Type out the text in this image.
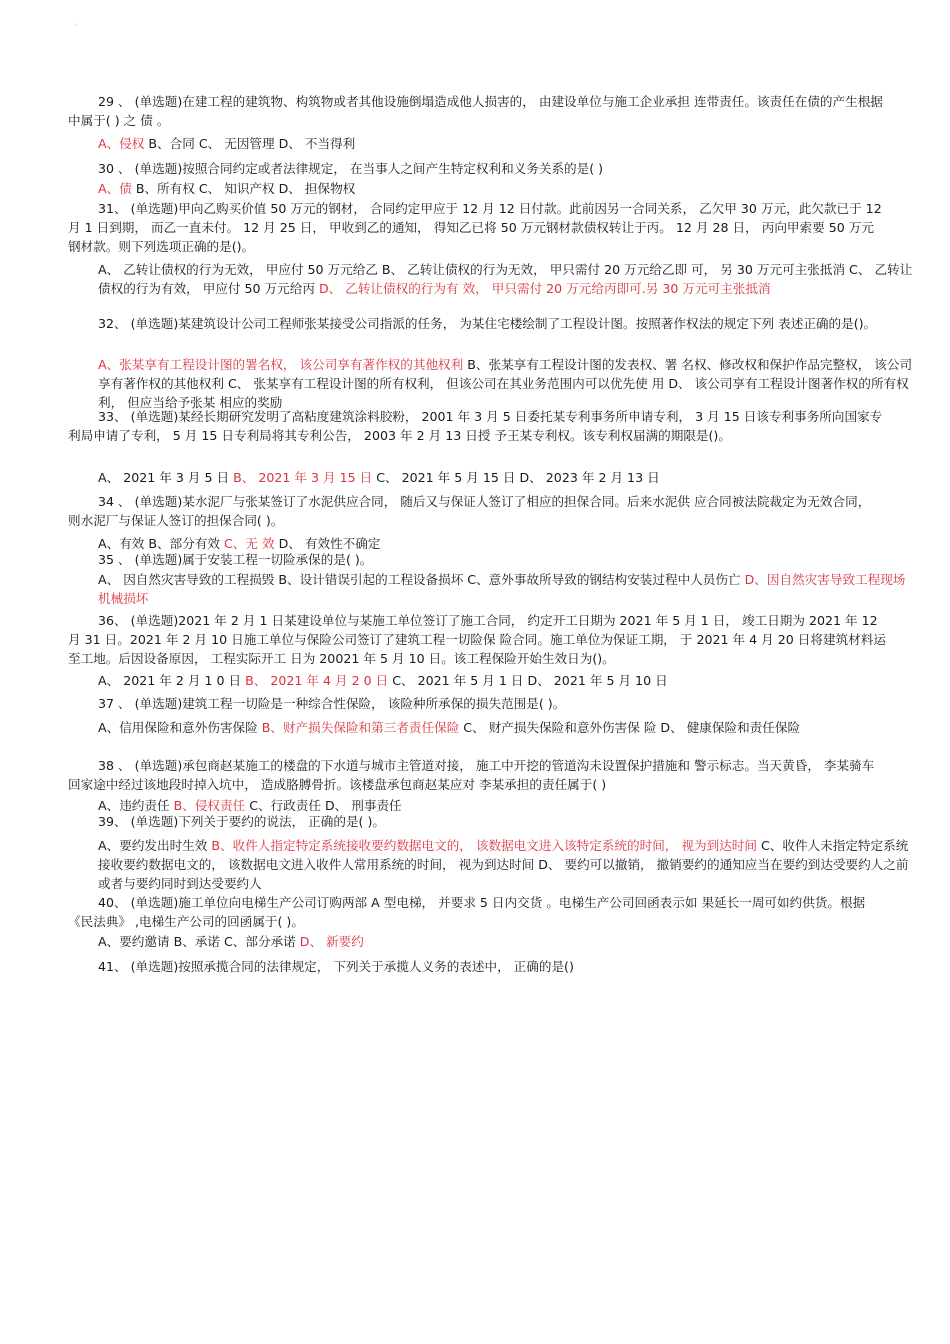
`

29 、 (单选题)在建工程的建筑物、构筑物或者其他设施倒塌造成他人损害的， 由建设单位与施工企业承担 连带责任。该责任在债的产生根据中属于( ) 之 债 。

A、侵权 B、合同 C、 无因管理 D、 不当得利

30 、 (单选题)按照合同约定或者法律规定， 在当事人之间产生特定权利和义务关系的是( )

A、债 B、所有权 C、 知识产权 D、 担保物权

31、 (单选题)甲向乙购买价值 50 万元的钢材， 合同约定甲应于 12 月 12 日付款。此前因另一合同关系， 乙欠甲 30 万元，此欠款已于 12 月 1 日到期， 而乙一直未付。 12 月 25 日， 甲收到乙的通知， 得知乙已将 50 万元钢材款债权转让于丙。 12 月 28 日， 丙向甲索要 50 万元钢材款。则下列选项正确的是()。

A、 乙转让债权的行为无效， 甲应付 50 万元给乙 B、 乙转让债权的行为无效， 甲只需付 20 万元给乙即 可， 另 30 万元可主张抵消 C、 乙转让债权的行为有效， 甲应付 50 万元给丙 D、 乙转让债权的行为有 效， 甲只需付 20 万元给丙即可.另 30 万元可主张抵消

32、 (单选题)某建筑设计公司工程师张某接受公司指派的任务， 为某住宅楼绘制了工程设计图。按照著作权法的规定下列 表述正确的是()。

A、张某享有工程设计图的署名权， 该公司享有著作权的其他权利 B、张某享有工程设计图的发表权、署 名权、修改权和保护作品完整权， 该公司享有著作权的其他权利 C、 张某享有工程设计图的所有权利， 但该公司在其业务范围内可以优先使 用 D、 该公司享有工程设计图著作权的所有权利， 但应当给予张某 相应的奖励

33、 (单选题)某经长期研究发明了高粘度建筑涂料胶粉， 2001 年 3 月 5 日委托某专利事务所申请专利， 3 月 15 日该专利事务所向国家专利局申请了专利， 5 月 15 日专利局将其专利公告， 2003 年 2 月 13 日授 予王某专利权。该专利权届满的期限是()。

A、 2021 年 3 月 5 日 B、 2021 年 3 月 15 日 C、 2021 年 5 月 15 日 D、 2023 年 2 月 13 日

34 、 (单选题)某水泥厂与张某签订了水泥供应合同， 随后又与保证人签订了相应的担保合同。后来水泥供 应合同被法院裁定为无效合同， 则水泥厂与保证人签订的担保合同( )。

A、有效 B、部分有效 C、无 效 D、 有效性不确定

35 、 (单选题)属于安装工程一切险承保的是( )。

A、 因自然灾害导致的工程损毁 B、设计错误引起的工程设备损坏 C、意外事故所导致的钢结构安装过程中人员伤亡 D、因自然灾害导致工程现场机械损坏

36、 (单选题)2021 年 2 月 1 日某建设单位与某施工单位签订了施工合同， 约定开工日期为 2021 年 5 月 1 日， 竣工日期为 2021 年 12 月 31 日。2021 年 2 月 10 日施工单位与保险公司签订了建筑工程一切险保 险合同。施工单位为保证工期， 于 2021 年 4 月 20 日将建筑材料运至工地。后因设备原因， 工程实际开工 日为 20021 年 5 月 10 日。该工程保险开始生效日为()。

A、 2021 年 2 月 1 0 日 B、 2021 年 4 月 2 0 日 C、 2021 年 5 月 1 日 D、 2021 年 5 月 10 日

37 、 (单选题)建筑工程一切险是一种综合性保险， 该险种所承保的损失范围是( )。

A、信用保险和意外伤害保险 B、财产损失保险和第三者责任保险 C、 财产损失保险和意外伤害保 险 D、 健康保险和责任保险

38 、 (单选题)承包商赵某施工的楼盘的下水道与城市主管道对接， 施工中开挖的管道沟未设置保护措施和 警示标志。当天黄昏， 李某骑车回家途中经过该地段时掉入坑中， 造成胳膊骨折。该楼盘承包商赵某应对 李某承担的责任属于( )

A、违约责任 B、侵权责任 C、行政责任 D、 刑事责任

39、 (单选题)下列关于要约的说法， 正确的是( )。

A、要约发出时生效 B、收件人指定特定系统接收要约数据电文的， 该数据电文进入该特定系统的时间， 视为到达时间 C、收件人未指定特定系统接收要约数据电文的， 该数据电文进入收件人常用系统的时间， 视为到达时间 D、 要约可以撤销， 撤销要约的通知应当在要约到达受要约人之前或者与要约同时到达受要约人

40、 (单选题)施工单位向电梯生产公司订购两部 A 型电梯， 并要求 5 日内交货 。电梯生产公司回函表示如 果延长一周可如约供货。根据《民法典》 ,电梯生产公司的回函属于( )。

A、要约邀请 B、承诺 C、部分承诺 D、 新要约

41、 (单选题)按照承揽合同的法律规定， 下列关于承揽人义务的表述中， 正确的是()
